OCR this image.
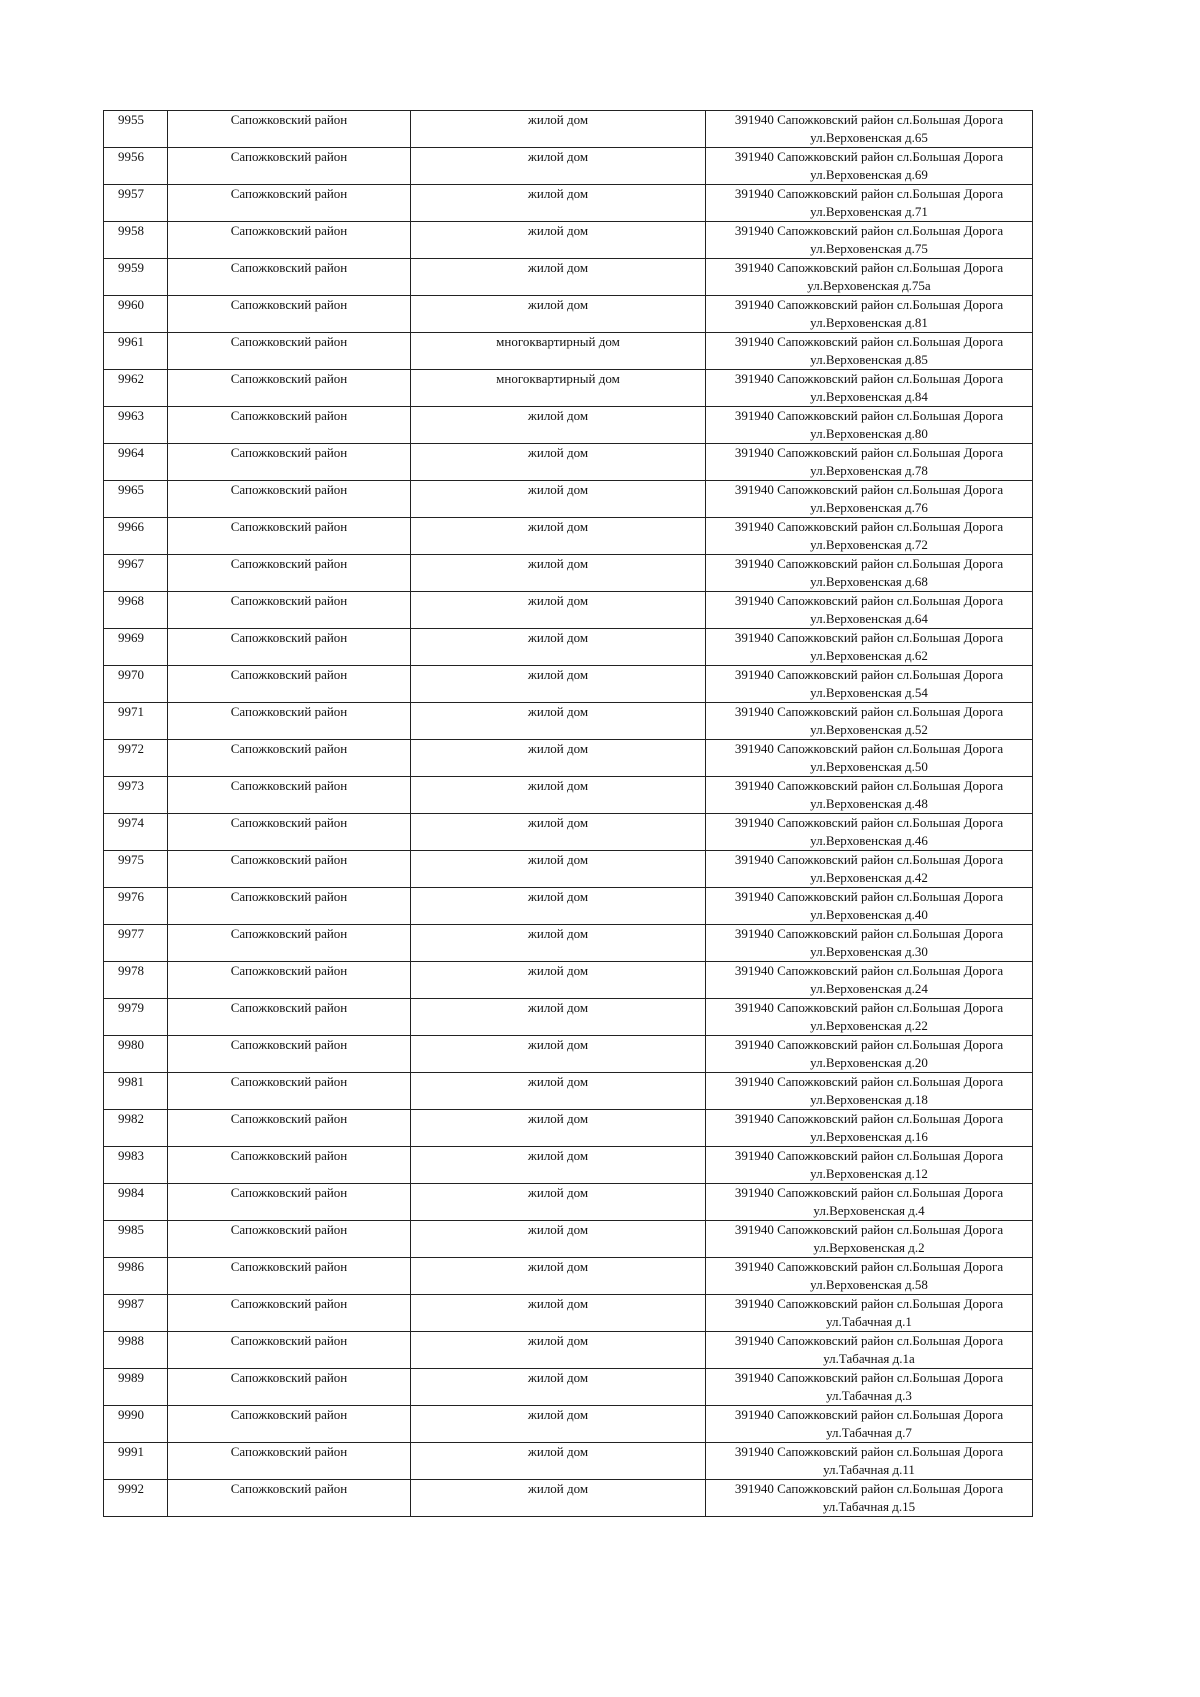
9955	Сапожковский район	жилой дом	391940 Сапожковский район сл.Большая Дорога
ул.Верховенская д.65

9956	Сапожковский район	жилой дом	391940 Сапожковский район сл.Большая Дорога
ул.Верховенская д.69

9957	Сапожковский район	жилой дом	391940 Сапожковский район сл.Большая Дорога
ул.Верховенская д.71

9958	Сапожковский район	жилой дом	391940 Сапожковский район сл.Большая Дорога
ул.Верховенская д.75

9959	Сапожковский район	жилой дом	391940 Сапожковский район сл.Большая Дорога
ул.Верховенская д.75а

9960	Сапожковский район	жилой дом	391940 Сапожковский район сл.Большая Дорога
ул.Верховенская д.81

9961	Сапожковский район	многоквартирный дом	391940 Сапожковский район сл.Большая Дорога
ул.Верховенская д.85

9962	Сапожковский район	многоквартирный дом	391940 Сапожковский район сл.Большая Дорога
ул.Верховенская д.84

9963	Сапожковский район	жилой дом	391940 Сапожковский район сл.Большая Дорога
ул.Верховенская д.80

9964	Сапожковский район	жилой дом	391940 Сапожковский район сл.Большая Дорога
ул.Верховенская д.78

9965	Сапожковский район	жилой дом	391940 Сапожковский район сл.Большая Дорога
ул.Верховенская д.76

9966	Сапожковский район	жилой дом	391940 Сапожковский район сл.Большая Дорога
ул.Верховенская д.72

9967	Сапожковский район	жилой дом	391940 Сапожковский район сл.Большая Дорога
ул.Верховенская д.68

9968	Сапожковский район	жилой дом	391940 Сапожковский район сл.Большая Дорога
ул.Верховенская д.64

9969	Сапожковский район	жилой дом	391940 Сапожковский район сл.Большая Дорога
ул.Верховенская д.62

9970	Сапожковский район	жилой дом	391940 Сапожковский район сл.Большая Дорога
ул.Верховенская д.54

9971	Сапожковский район	жилой дом	391940 Сапожковский район сл.Большая Дорога
ул.Верховенская д.52

9972	Сапожковский район	жилой дом	391940 Сапожковский район сл.Большая Дорога
ул.Верховенская д.50

9973	Сапожковский район	жилой дом	391940 Сапожковский район сл.Большая Дорога
ул.Верховенская д.48

9974	Сапожковский район	жилой дом	391940 Сапожковский район сл.Большая Дорога
ул.Верховенская д.46

9975	Сапожковский район	жилой дом	391940 Сапожковский район сл.Большая Дорога
ул.Верховенская д.42

9976	Сапожковский район	жилой дом	391940 Сапожковский район сл.Большая Дорога
ул.Верховенская д.40

9977	Сапожковский район	жилой дом	391940 Сапожковский район сл.Большая Дорога
ул.Верховенская д.30

9978	Сапожковский район	жилой дом	391940 Сапожковский район сл.Большая Дорога
ул.Верховенская д.24

9979	Сапожковский район	жилой дом	391940 Сапожковский район сл.Большая Дорога
ул.Верховенская д.22

9980	Сапожковский район	жилой дом	391940 Сапожковский район сл.Большая Дорога
ул.Верховенская д.20

9981	Сапожковский район	жилой дом	391940 Сапожковский район сл.Большая Дорога
ул.Верховенская д.18

9982	Сапожковский район	жилой дом	391940 Сапожковский район сл.Большая Дорога
ул.Верховенская д.16

9983	Сапожковский район	жилой дом	391940 Сапожковский район сл.Большая Дорога
ул.Верховенская д.12

9984	Сапожковский район	жилой дом	391940 Сапожковский район сл.Большая Дорога
ул.Верховенская д.4

9985	Сапожковский район	жилой дом	391940 Сапожковский район сл.Большая Дорога
ул.Верховенская д.2

9986	Сапожковский район	жилой дом	391940 Сапожковский район сл.Большая Дорога
ул.Верховенская д.58

9987	Сапожковский район	жилой дом	391940 Сапожковский район сл.Большая Дорога
ул.Табачная д.1

9988	Сапожковский район	жилой дом	391940 Сапожковский район сл.Большая Дорога
ул.Табачная д.1а

9989	Сапожковский район	жилой дом	391940 Сапожковский район сл.Большая Дорога
ул.Табачная д.3

9990	Сапожковский район	жилой дом	391940 Сапожковский район сл.Большая Дорога
ул.Табачная д.7

9991	Сапожковский район	жилой дом	391940 Сапожковский район сл.Большая Дорога
ул.Табачная д.11

9992	Сапожковский район	жилой дом	391940 Сапожковский район сл.Большая Дорога
ул.Табачная д.15
